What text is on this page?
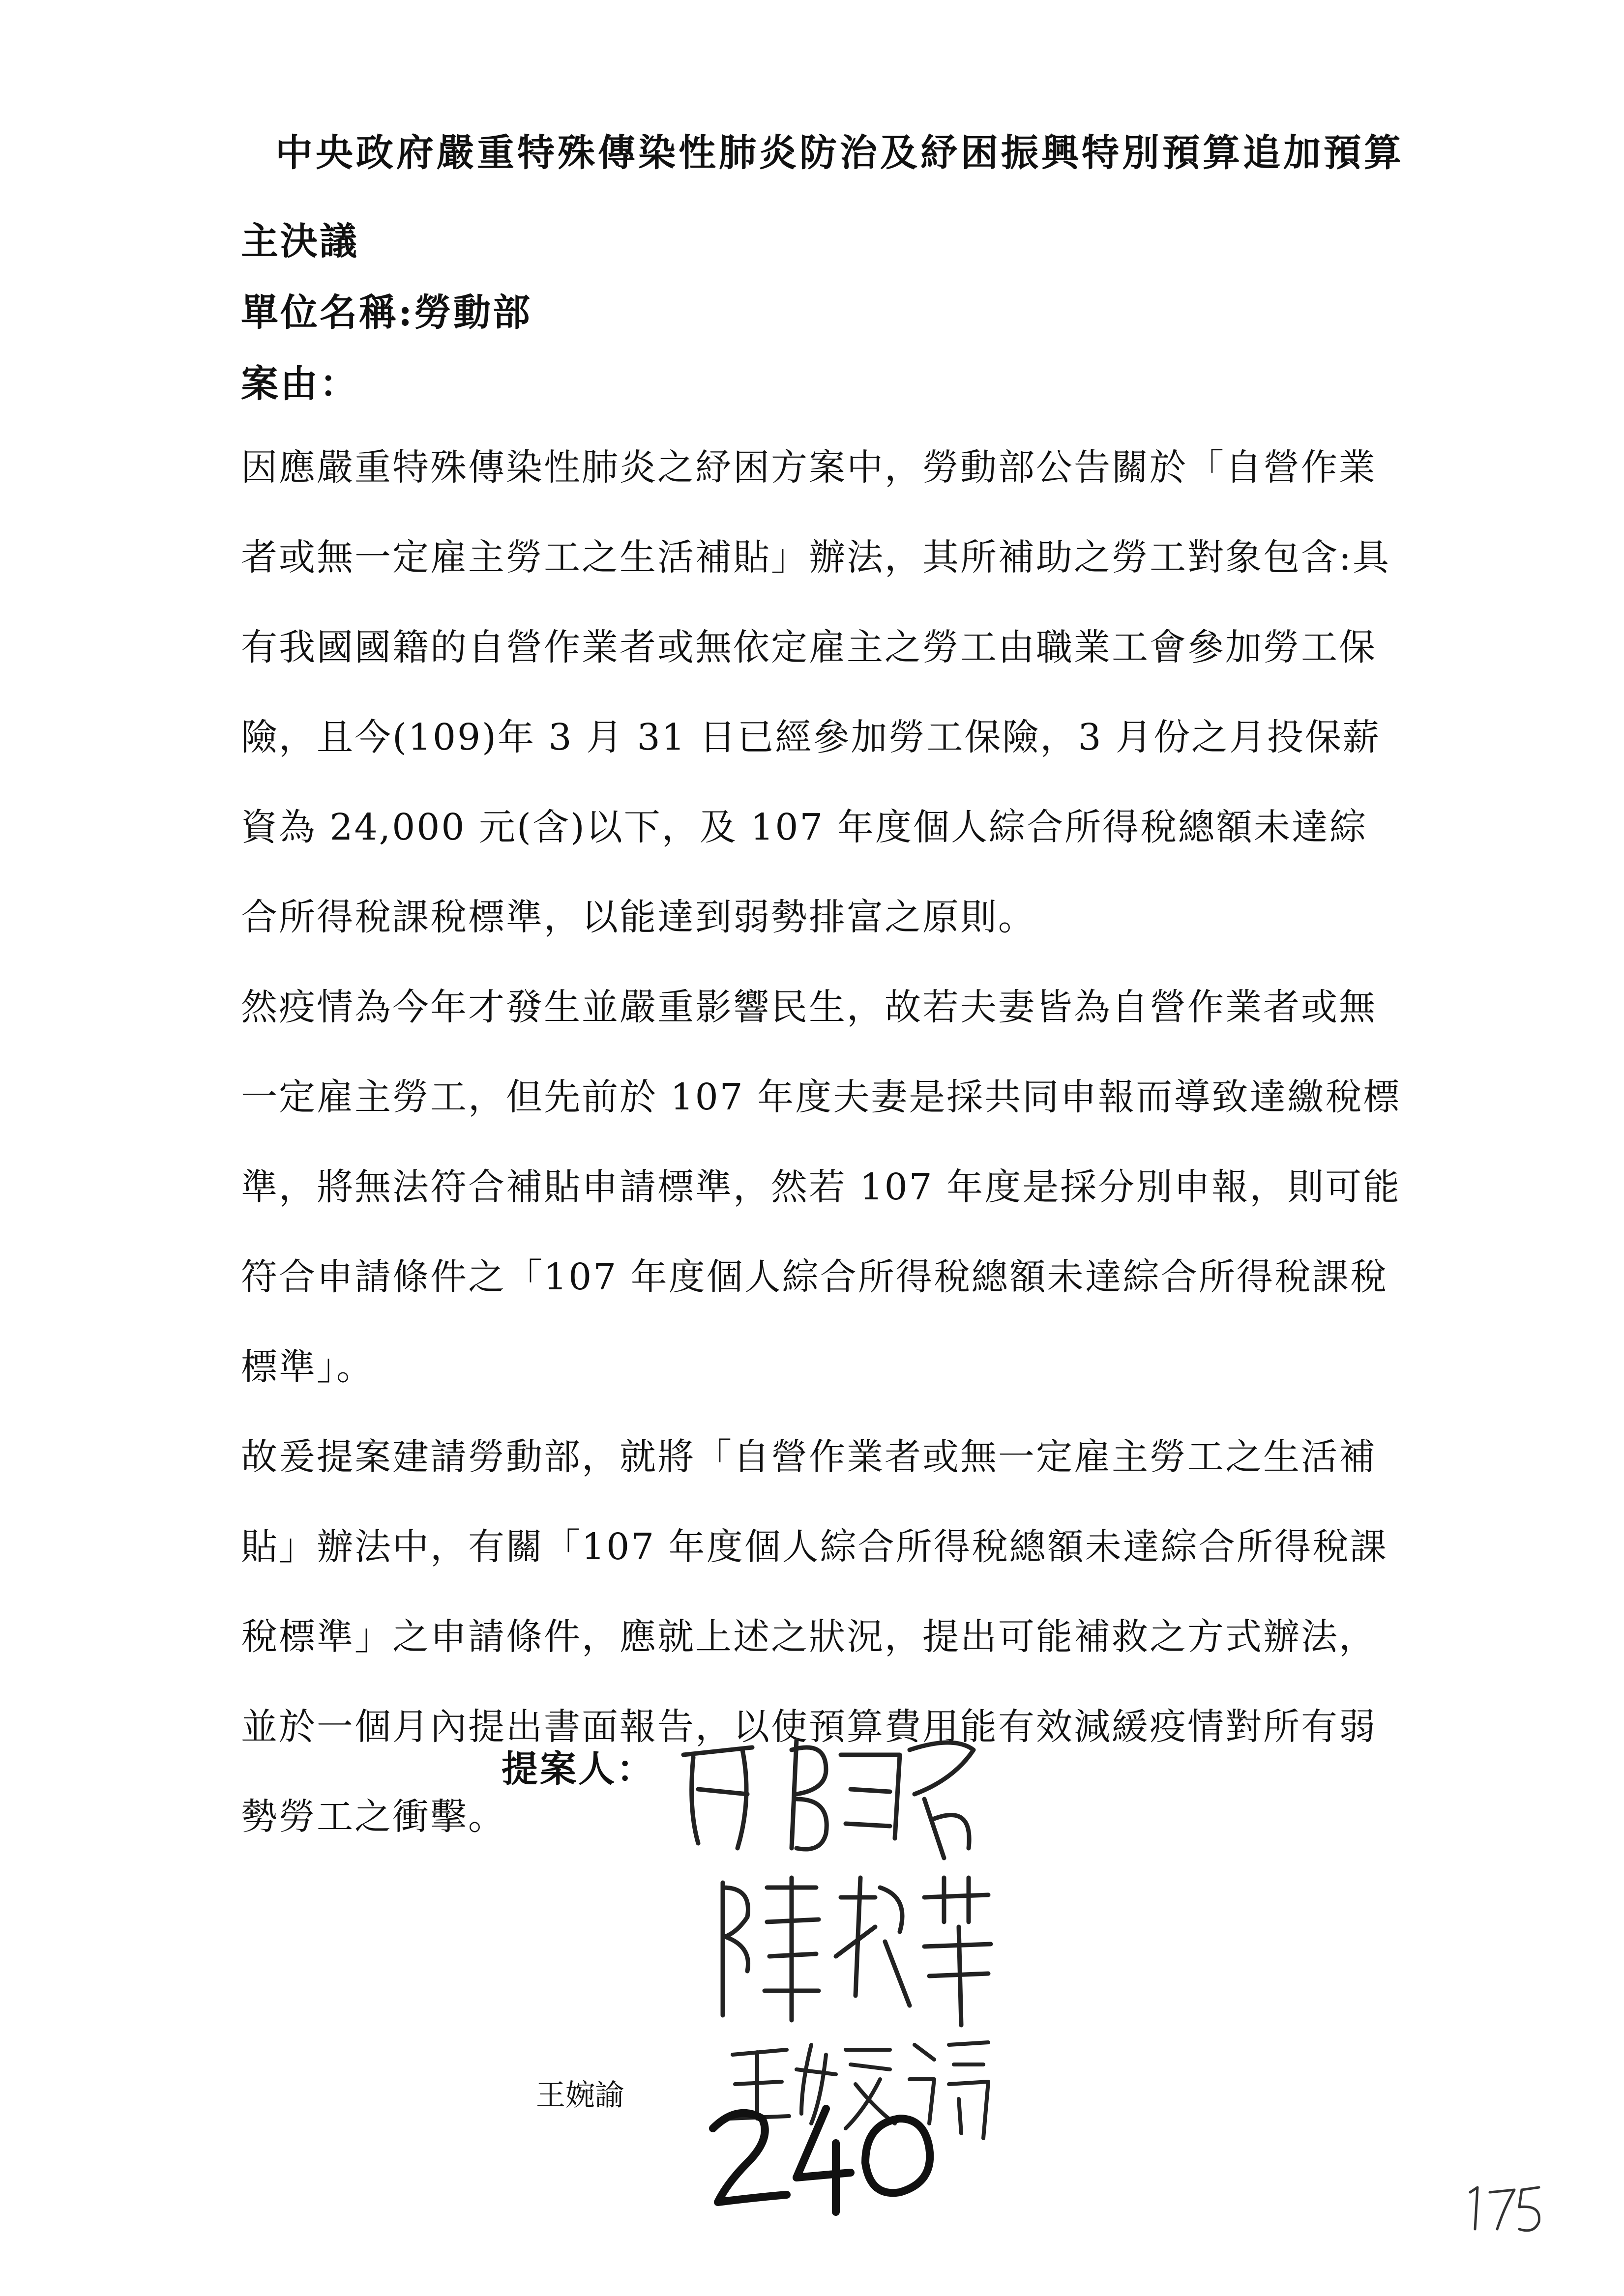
中央政府嚴重特殊傳染性肺炎防治及紓困振興特別預算追加預算
主決議
單位名稱:勞動部
案由：

因應嚴重特殊傳染性肺炎之紓困方案中，勞動部公告關於「自營作業者或無一定雇主勞工之生活補貼」辦法，其所補助之勞工對象包含:具有我國國籍的自營作業者或無依定雇主之勞工由職業工會參加勞工保險，且今(109)年 3 月 31 日已經參加勞工保險，3 月份之月投保薪資為 24,000 元(含)以下，及 107 年度個人綜合所得稅總額未達綜合所得稅課稅標準，以能達到弱勢排富之原則。

然疫情為今年才發生並嚴重影響民生，故若夫妻皆為自營作業者或無一定雇主勞工，但先前於 107 年度夫妻是採共同申報而導致達繳稅標準，將無法符合補貼申請標準，然若 107 年度是採分別申報，則可能符合申請條件之「107 年度個人綜合所得稅總額未達綜合所得稅課稅標準」。

故爰提案建請勞動部，就將「自營作業者或無一定雇主勞工之生活補貼」辦法中，有關「107 年度個人綜合所得稅總額未達綜合所得稅課稅標準」之申請條件，應就上述之狀況，提出可能補救之方式辦法，並於一個月內提出書面報告，以使預算費用能有效減緩疫情對所有弱勢勞工之衝擊。

提案人：
王婉諭
